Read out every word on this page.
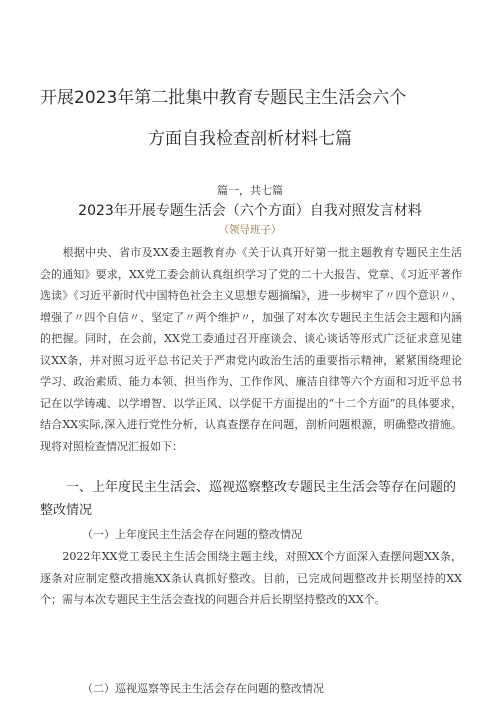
开展2023年第二批集中教育专题民主生活会六个
方面自我检查剖析材料七篇
篇一，共七篇
2023年开展专题生活会（六个方面）自我对照发言材料
（领导班子）
　　根据中央、省市及XX委主题教育办《关于认真开好第一批主题教育专题民主生活会的通知》要求，XX党工委会前认真组织学习了党的二十大报告、党章、《习近平著作选读》《习近平新时代中国特色社会主义思想专题摘编》，进一步树牢了〃四个意识〃、增强了〃四个自信〃、坚定了〃两个维护〃，加强了对本次专题民主生活会主题和内涵的把握。同时，在会前，XX党工委通过召开座谈会、谈心谈话等形式广泛征求意见建议XX条，并对照习近平总书记关于严肃党内政治生活的重要指示精神，紧紧围绕理论学习、政治素质、能力本领、担当作为、工作作风、廉洁自律等六个方面和习近平总书记在以学铸魂、以学增智、以学正风、以学促干方面提出的“十二个方面”的具体要求，结合XX实际,深入进行党性分析，认真查摆存在问题，剖析问题根源，明确整改措施。现将对照检查情况汇报如下：
一、上年度民主生活会、巡视巡察整改专题民主生活会等存在问题的整改情况
（一）上年度民主生活会存在问题的整改情况
　　2022年XX党工委民主生活会围绕主题主线，对照XX个方面深入查摆问题XX条，逐条对应制定整改措施XX条认真抓好整改。目前，已完成问题整改并长期坚持的XX个；需与本次专题民主生活会查找的问题合并后长期坚持整改的XX个。
（二）巡视巡察等民主生活会存在问题的整改情况
